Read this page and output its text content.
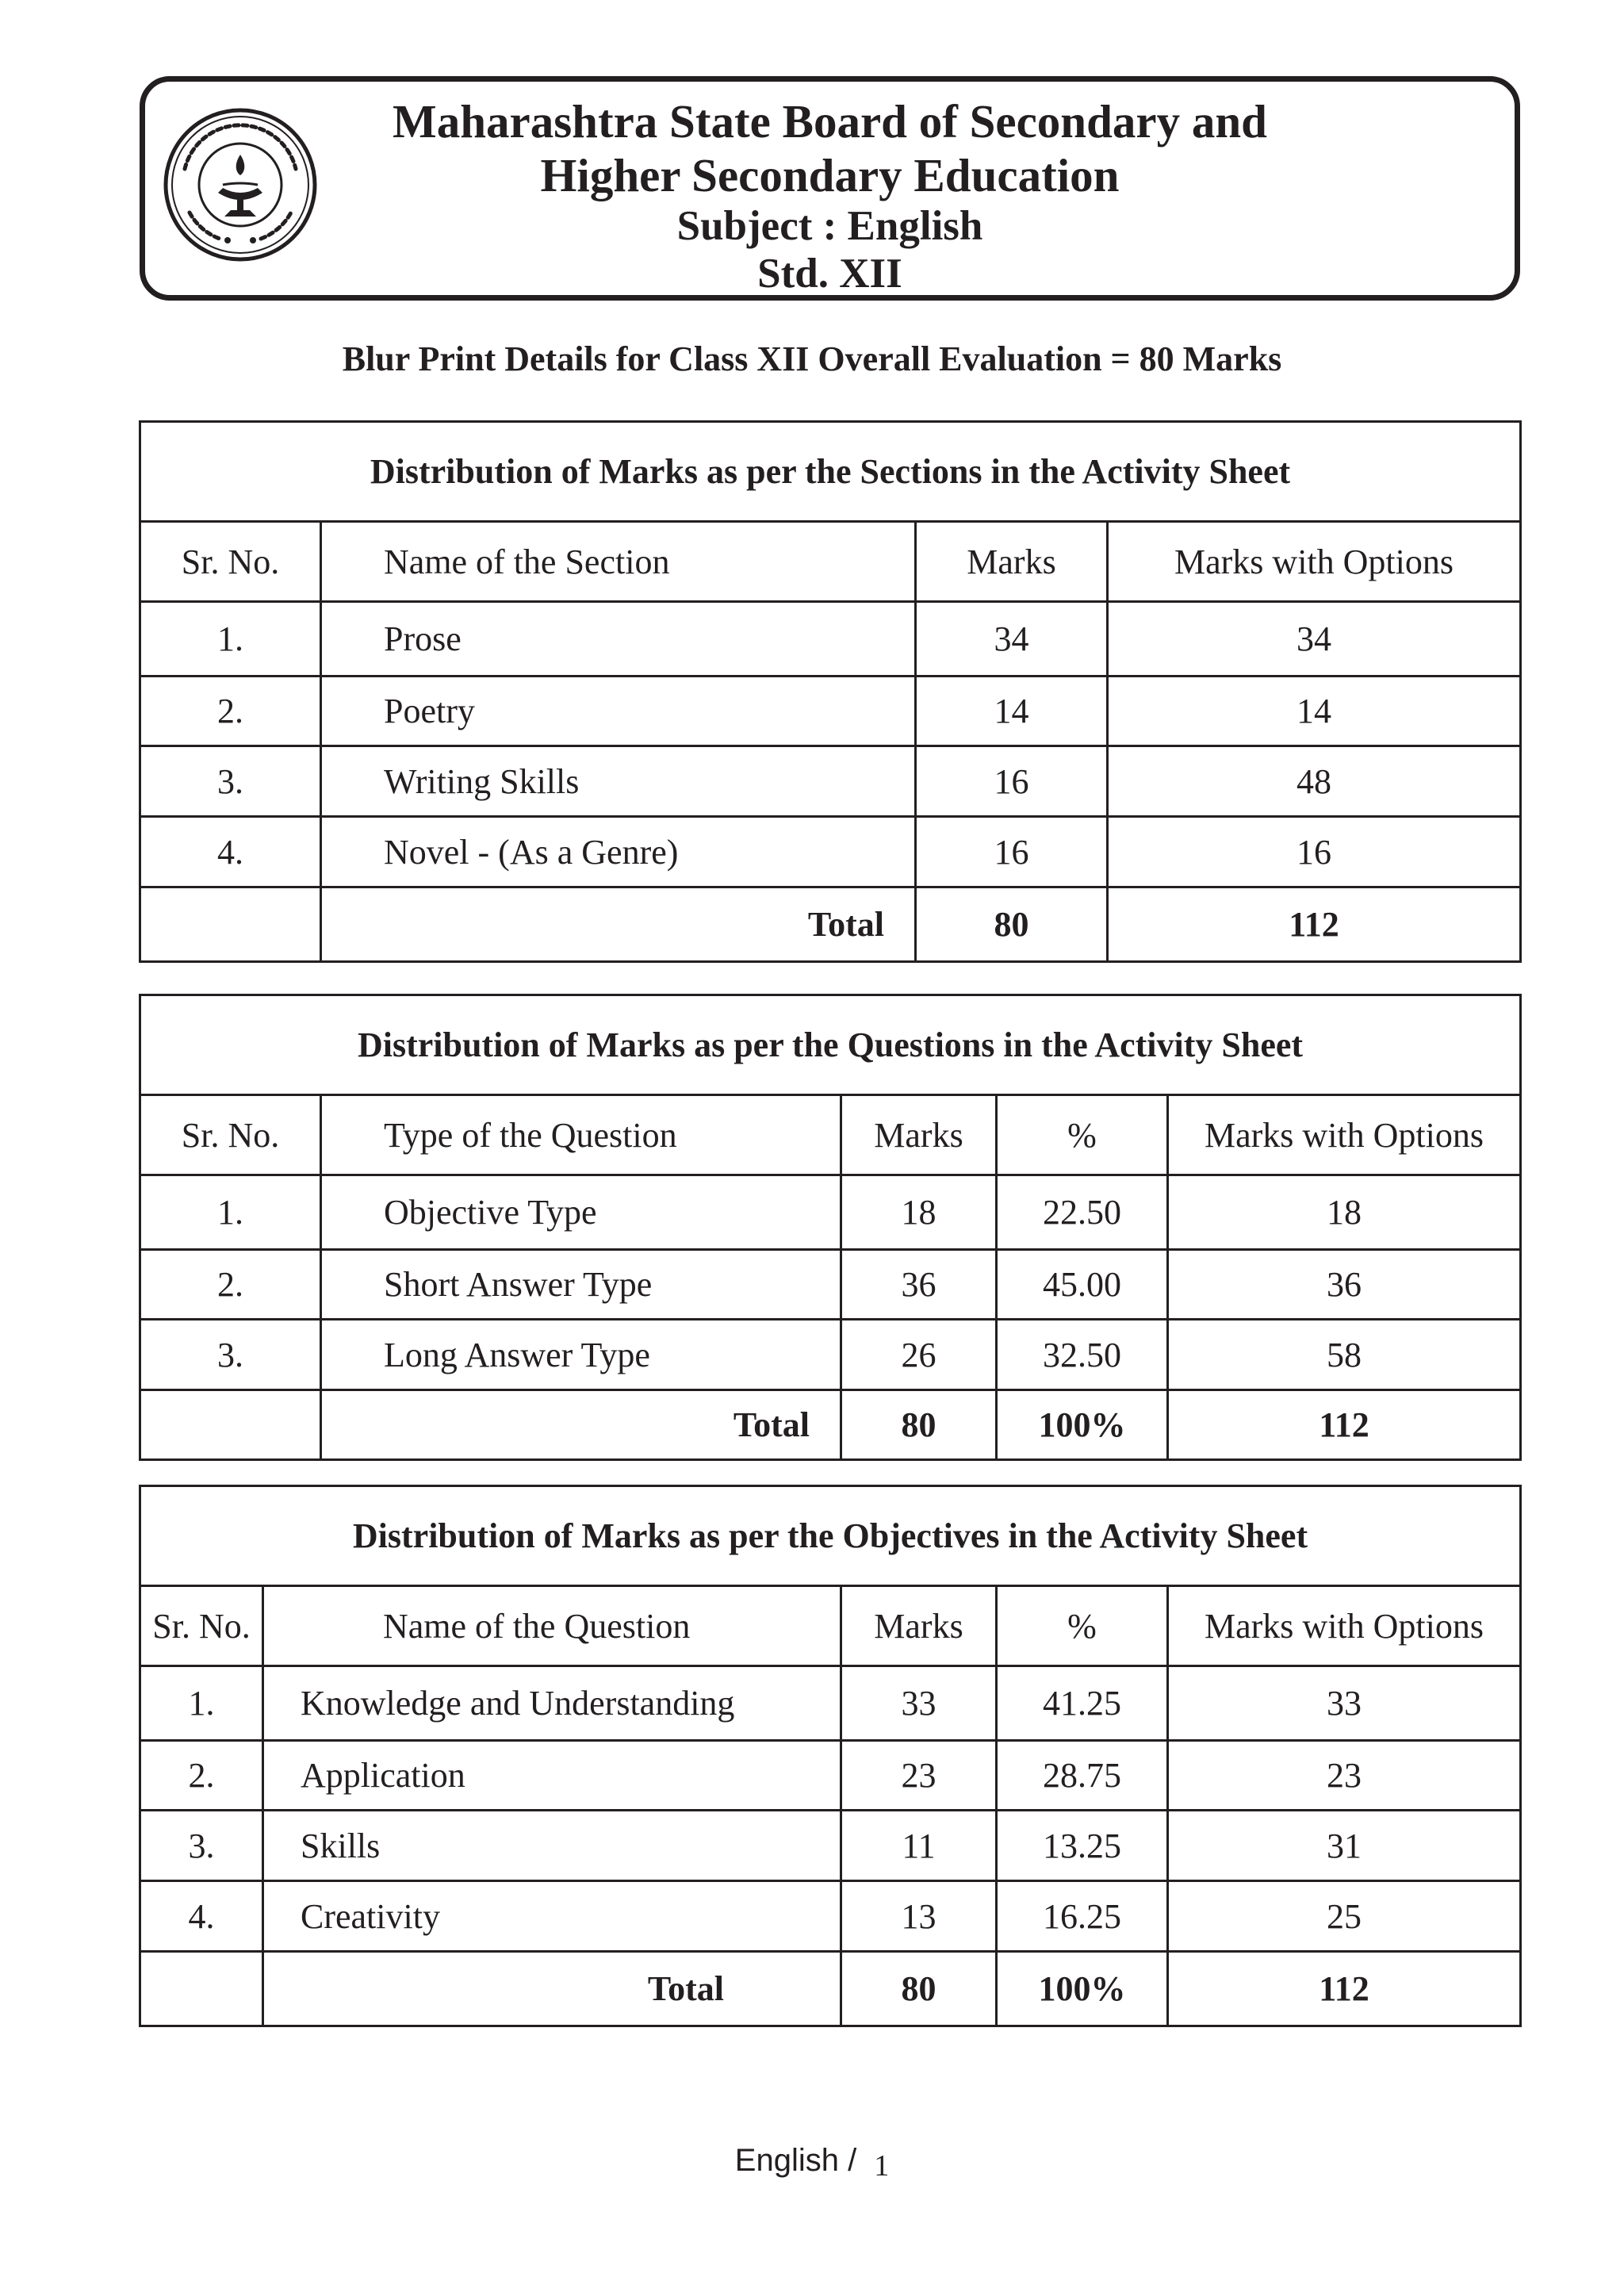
Maharashtra State Board of Secondary and
Higher Secondary Education
Subject : English
Std. XII
Blur Print Details for Class XII Overall Evaluation = 80 Marks
Distribution of Marks as per the Sections in the Activity Sheet			
Sr. No.	Name of the Section	Marks	Marks with Options
1.	Prose	34	34
2.	Poetry	14	14
3.	Writing Skills	16	48
4.	Novel - (As a Genre)	16	16
	Total	80	112
Distribution of Marks as per the Questions in the Activity Sheet				
Sr. No.	Type of the Question	Marks	%	Marks with Options
1.	Objective Type	18	22.50	18
2.	Short Answer Type	36	45.00	36
3.	Long Answer Type	26	32.50	58
	Total	80	100%	112
Distribution of Marks as per the Objectives in the Activity Sheet				
Sr. No.	Name of the Question	Marks	%	Marks with Options
1.	Knowledge and Understanding	33	41.25	33
2.	Application	23	28.75	23
3.	Skills	11	13.25	31
4.	Creativity	13	16.25	25
	Total	80	100%	112
English / 1
